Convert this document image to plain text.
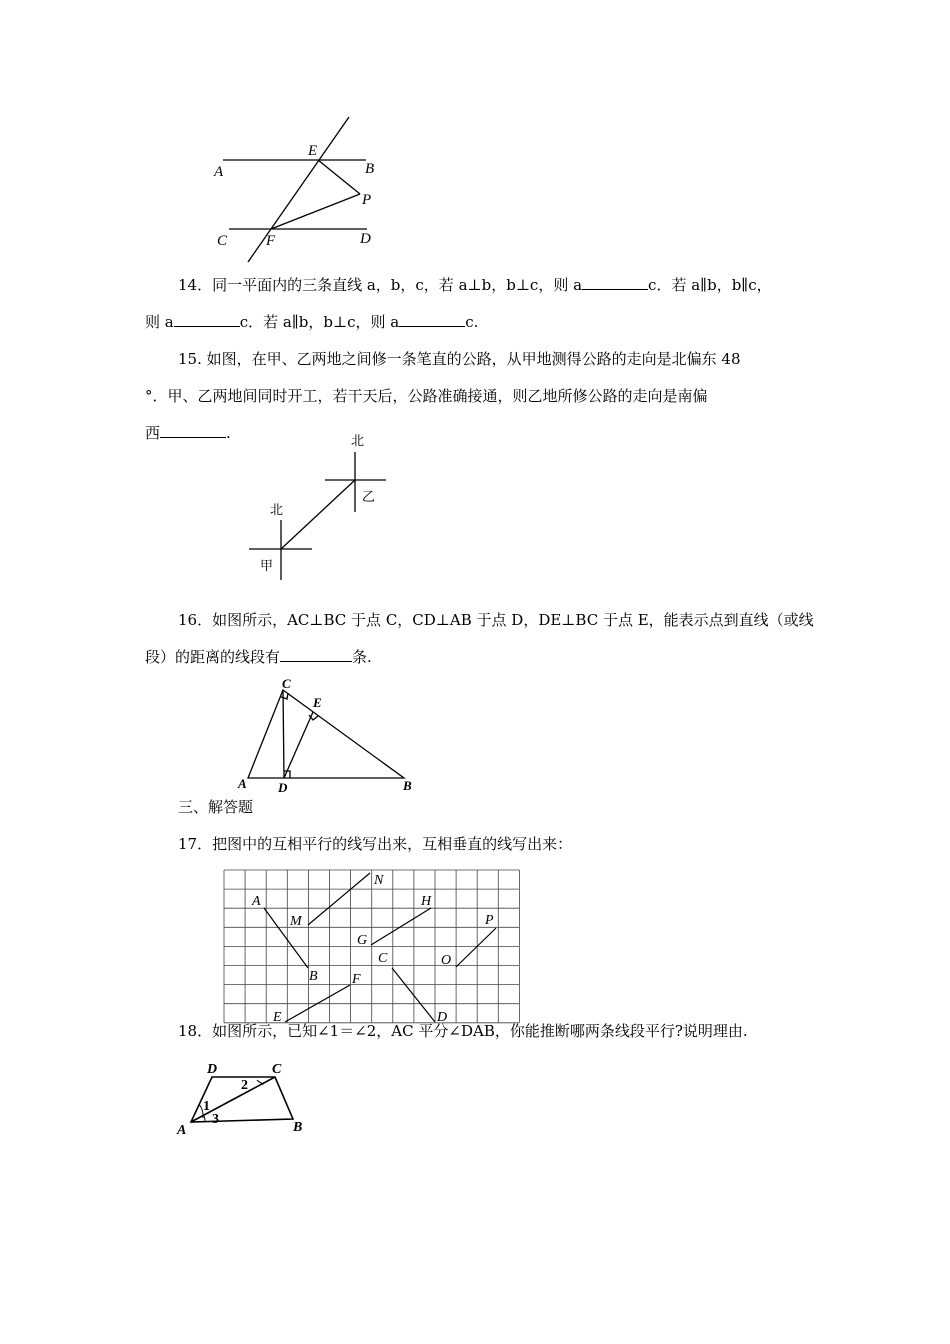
A	B
E
P
C	F	D
14．同一平面内的三条直线 a，b，c，若 a⊥b，b⊥c，则 a	c．若 a∥b，b∥c，
则 a	c．若 a∥b，b⊥c，则 a	c.
15. 如图，在甲、乙两地之间修一条笔直的公路，从甲地测得公路的走向是北偏东 48
°．甲、乙两地间同时开工，若干天后，公路准确接通，则乙地所修公路的走向是南偏
西	.	北
乙
北
甲
16．如图所示，AC⊥BC 于点 C，CD⊥AB 于点 D，DE⊥BC 于点 E，能表示点到直线（或线
段）的距离的线段有	条.
C
E
A D	B
三、解答题
17．把图中的互相平行的线写出来，互相垂直的线写出来：
A
M
N
H
P
G
C	O
B F
E	D
18．如图所示，已知∠1＝∠2，AC 平分∠DAB，你能推断哪两条线段平行?说明理由.
D	C
A	B
2
1
3
